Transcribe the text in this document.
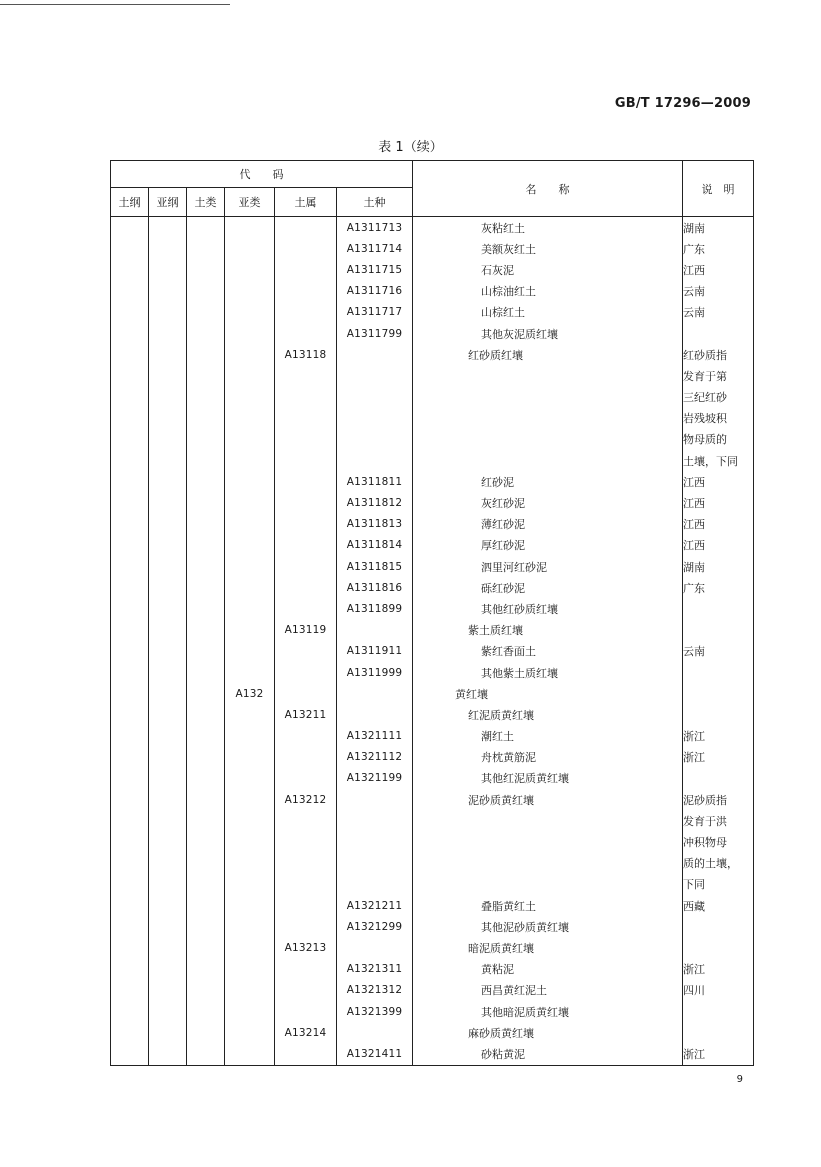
GB/T 17296—2009
表 1（续）
代　　码						名　　称	说　明
土纲	亚纲	土类	亚类	土属	土种		
					A1311713	灰粘红土	湖南
					A1311714	美额灰红土	广东
					A1311715	石灰泥	江西
					A1311716	山棕油红土	云南
					A1311717	山棕红土	云南
					A1311799	其他灰泥质红壤	
				A13118		红砂质红壤	红砂质指
							发育于第
							三纪红砂
							岩残坡积
							物母质的
							土壤，下同
					A1311811	红砂泥	江西
					A1311812	灰红砂泥	江西
					A1311813	薄红砂泥	江西
					A1311814	厚红砂泥	江西
					A1311815	泗里河红砂泥	湖南
					A1311816	砾红砂泥	广东
					A1311899	其他红砂质红壤	
				A13119		紫土质红壤	
					A1311911	紫红香面土	云南
					A1311999	其他紫土质红壤	
			A132			黄红壤	
				A13211		红泥质黄红壤	
					A1321111	潮红土	浙江
					A1321112	舟枕黄筋泥	浙江
					A1321199	其他红泥质黄红壤	
				A13212		泥砂质黄红壤	泥砂质指
							发育于洪
							冲积物母
							质的土壤，
							下同
					A1321211	叠脂黄红土	西藏
					A1321299	其他泥砂质黄红壤	
				A13213		暗泥质黄红壤	
					A1321311	黄粘泥	浙江
					A1321312	西昌黄红泥土	四川
					A1321399	其他暗泥质黄红壤	
				A13214		麻砂质黄红壤	
					A1321411	砂粘黄泥	浙江
9
